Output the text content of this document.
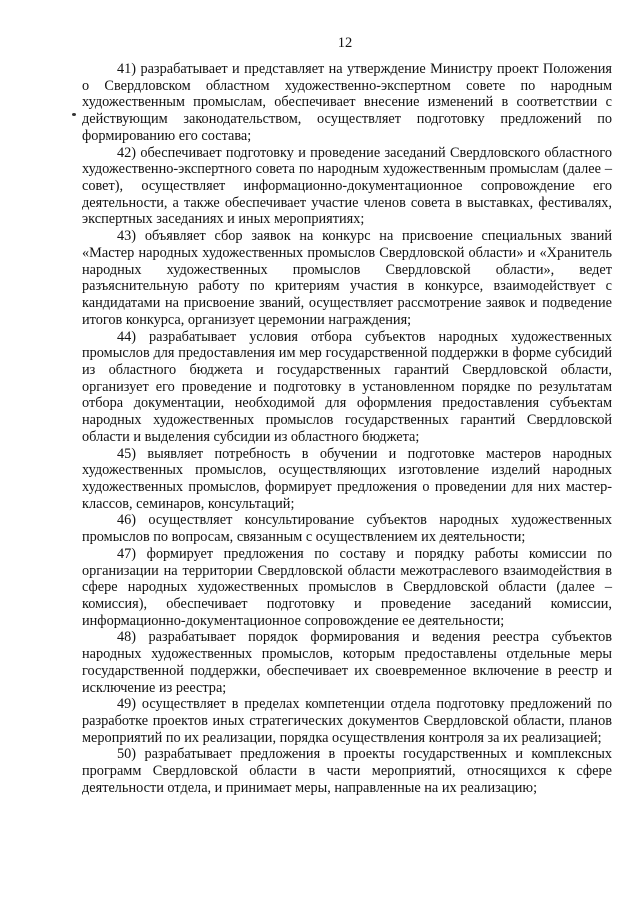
12

41) разрабатывает и представляет на утверждение Министру проект Положения о Свердловском областном художественно-экспертном совете по народным художественным промыслам, обеспечивает внесение изменений в соответствии с действующим законодательством, осуществляет подготовку предложений по формированию его состава;

42) обеспечивает подготовку и проведение заседаний Свердловского областного художественно-экспертного совета по народным художественным промыслам (далее – совет), осуществляет информационно-документационное сопровождение его деятельности, а также обеспечивает участие членов совета в выставках, фестивалях, экспертных заседаниях и иных мероприятиях;

43) объявляет сбор заявок на конкурс на присвоение специальных званий «Мастер народных художественных промыслов Свердловской области» и «Хранитель народных художественных промыслов Свердловской области», ведет разъяснительную работу по критериям участия в конкурсе, взаимодействует с кандидатами на присвоение званий, осуществляет рассмотрение заявок и подведение итогов конкурса, организует церемонии награждения;

44) разрабатывает условия отбора субъектов народных художественных промыслов для предоставления им мер государственной поддержки в форме субсидий из областного бюджета и государственных гарантий Свердловской области, организует его проведение и подготовку в установленном порядке по результатам отбора документации, необходимой для оформления предоставления субъектам народных художественных промыслов государственных гарантий Свердловской области и выделения субсидии из областного бюджета;

45) выявляет потребность в обучении и подготовке мастеров народных художественных промыслов, осуществляющих изготовление изделий народных художественных промыслов, формирует предложения о проведении для них мастер-классов, семинаров, консультаций;

46) осуществляет консультирование субъектов народных художественных промыслов по вопросам, связанным с осуществлением их деятельности;

47) формирует предложения по составу и порядку работы комиссии по организации на территории Свердловской области межотраслевого взаимодействия в сфере народных художественных промыслов в Свердловской области (далее – комиссия), обеспечивает подготовку и проведение заседаний комиссии, информационно-документационное сопровождение ее деятельности;

48) разрабатывает порядок формирования и ведения реестра субъектов народных художественных промыслов, которым предоставлены отдельные меры государственной поддержки, обеспечивает их своевременное включение в реестр и исключение из реестра;

49) осуществляет в пределах компетенции отдела подготовку предложений по разработке проектов иных стратегических документов Свердловской области, планов мероприятий по их реализации, порядка осуществления контроля за их реализацией;

50) разрабатывает предложения в проекты государственных и комплексных программ Свердловской области в части мероприятий, относящихся к сфере деятельности отдела, и принимает меры, направленные на их реализацию;
